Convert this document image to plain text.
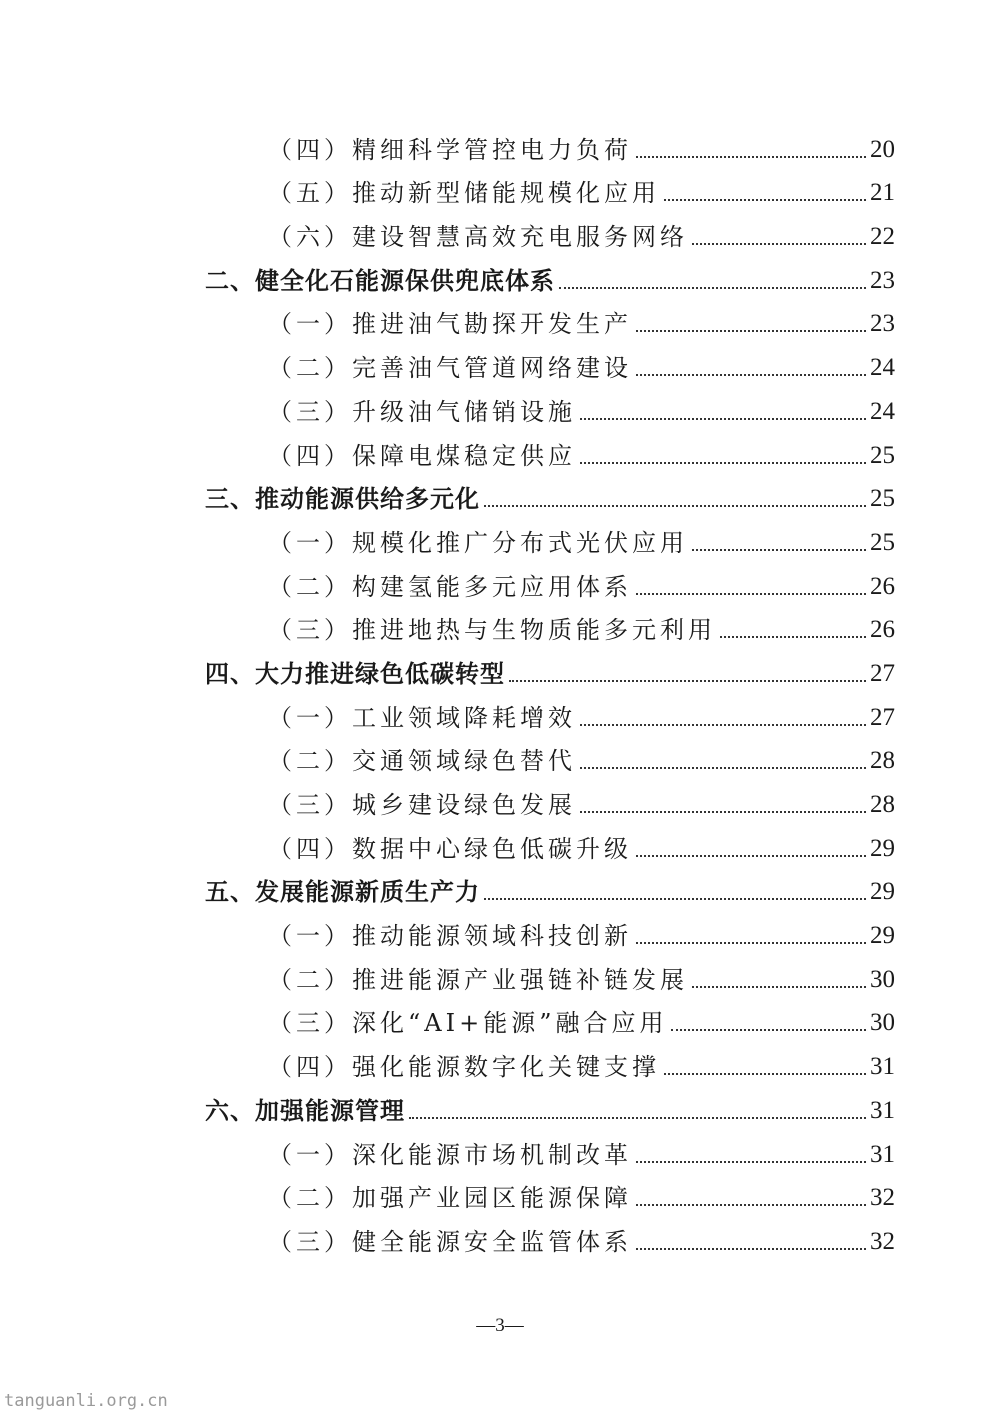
（四）精细科学管控电力负荷	20
（五）推动新型储能规模化应用	21
（六）建设智慧高效充电服务网络	22
二、健全化石能源保供兜底体系	23
（一）推进油气勘探开发生产	23
（二）完善油气管道网络建设	24
（三）升级油气储销设施	24
（四）保障电煤稳定供应	25
三、推动能源供给多元化	25
（一）规模化推广分布式光伏应用	25
（二）构建氢能多元应用体系	26
（三）推进地热与生物质能多元利用	26
四、大力推进绿色低碳转型	27
（一）工业领域降耗增效	27
（二）交通领域绿色替代	28
（三）城乡建设绿色发展	28
（四）数据中心绿色低碳升级	29
五、发展能源新质生产力	29
（一）推动能源领域科技创新	29
（二）推进能源产业强链补链发展	30
（三）深化“AI+能源”融合应用	30
（四）强化能源数字化关键支撑	31
六、加强能源管理	31
（一）深化能源市场机制改革	31
（二）加强产业园区能源保障	32
（三）健全能源安全监管体系	32
—3—
tanguanli.org.cn
